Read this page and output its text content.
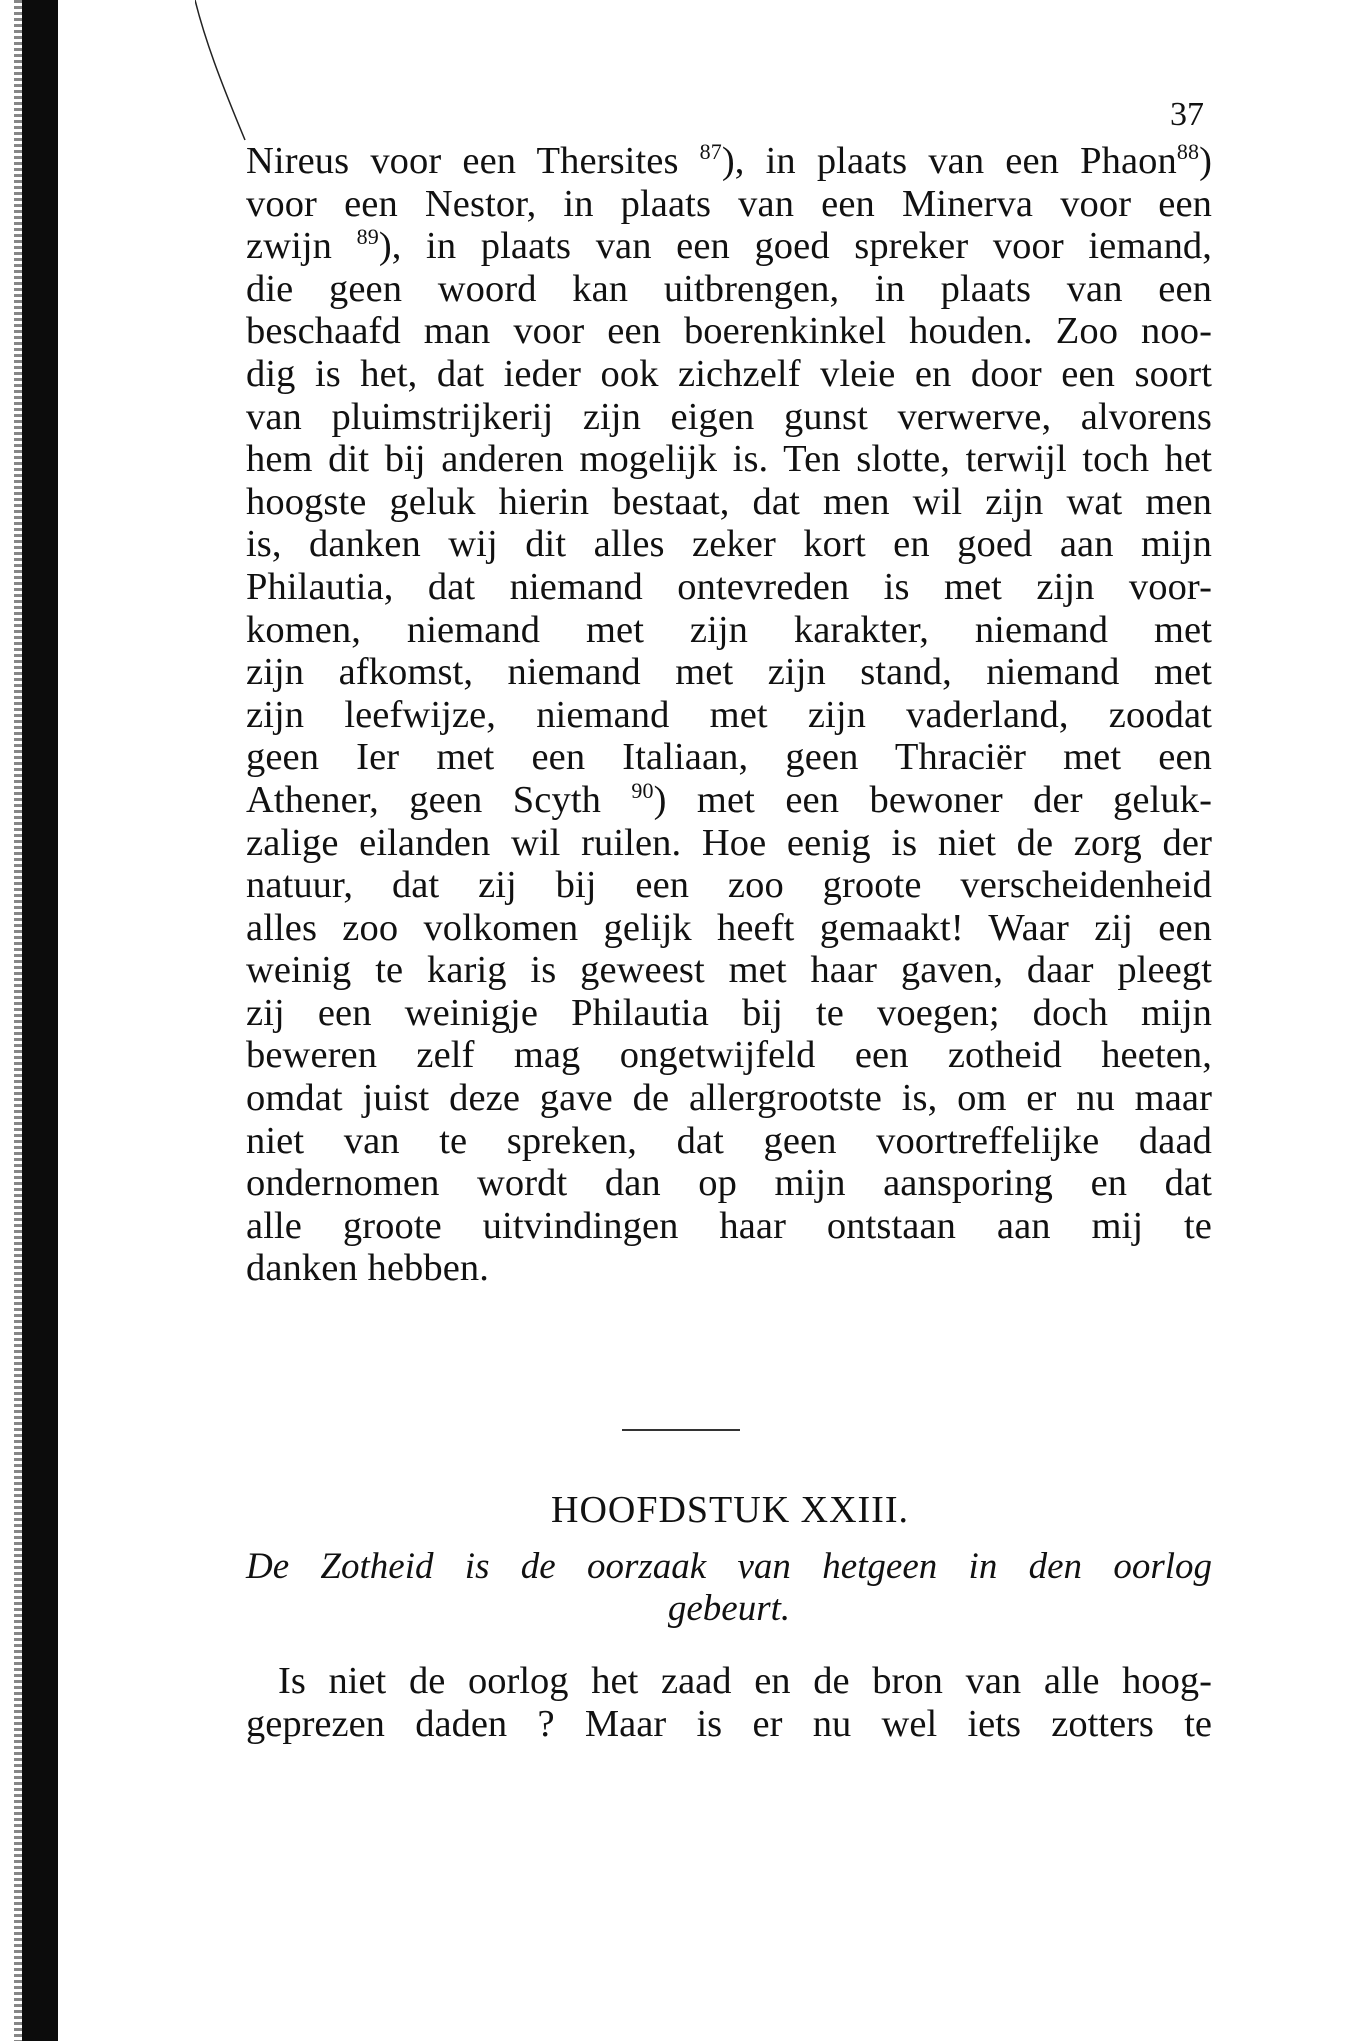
37
Nireus voor een Thersites $^{87}$), in plaats van een Phaon$^{88}$)
voor een Nestor, in plaats van een Minerva voor een
zwijn $^{89}$), in plaats van een goed spreker voor iemand,
die geen woord kan uitbrengen, in plaats van een
beschaafd man voor een boerenkinkel houden. Zoo noo-
dig is het, dat ieder ook zichzelf vleie en door een soort
van pluimstrijkerij zijn eigen gunst verwerve, alvorens
hem dit bij anderen mogelijk is. Ten slotte, terwijl toch het
hoogste geluk hierin bestaat, dat men wil zijn wat men
is, danken wij dit alles zeker kort en goed aan mijn
Philautia, dat niemand ontevreden is met zijn voor-
komen, niemand met zijn karakter, niemand met
zijn afkomst, niemand met zijn stand, niemand met
zijn leefwijze, niemand met zijn vaderland, zoodat
geen Ier met een Italiaan, geen Thraciër met een
Athener, geen Scyth $^{90}$) met een bewoner der geluk-
zalige eilanden wil ruilen. Hoe eenig is niet de zorg der
natuur, dat zij bij een zoo groote verscheidenheid
alles zoo volkomen gelijk heeft gemaakt! Waar zij een
weinig te karig is geweest met haar gaven, daar pleegt
zij een weinigje Philautia bij te voegen; doch mijn
beweren zelf mag ongetwijfeld een zotheid heeten,
omdat juist deze gave de allergrootste is, om er nu maar
niet van te spreken, dat geen voortreffelijke daad
ondernomen wordt dan op mijn aansporing en dat
alle groote uitvindingen haar ontstaan aan mij te
danken hebben.
HOOFDSTUK XXIII.
De Zotheid is de oorzaak van hetgeen in den oorlog
gebeurt.
Is niet de oorlog het zaad en de bron van alle hoog-
geprezen daden ? Maar is er nu wel iets zotters te
